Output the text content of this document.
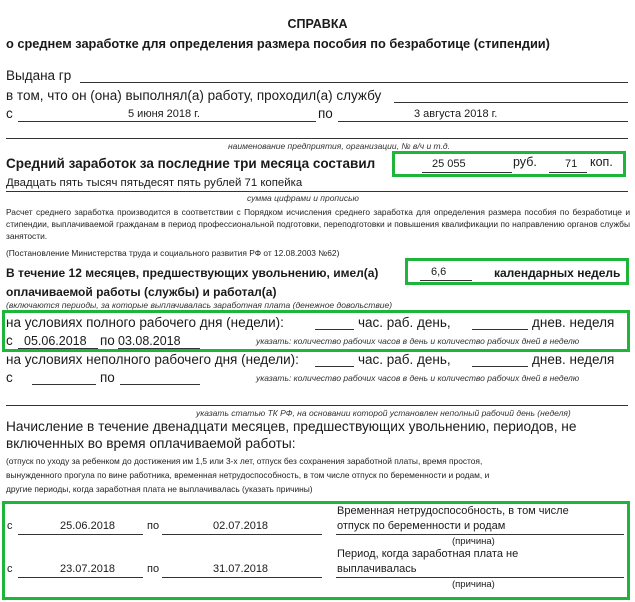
СПРАВКА
о среднем заработке для определения размера пособия по безработице (стипендии)
Выдана гр
в том, что он (она) выполнял(а) работу, проходил(а) службу
с	5 июня 2018 г.	по	3 августа 2018 г.
наименование предприятия, организации, № в/ч и т.д.
Средний заработок за последние три месяца составил	25 055	руб.	71 коп.
Двадцать пять тысяч пятьдесят пять рублей 71 копейка
сумма цифрами и прописью
Расчет среднего заработка производится в соответствии с Порядком исчисления среднего заработка для определения размера пособия по безработице и стипендии, выплачиваемой гражданам в период профессиональной подготовки, переподготовки и повышения квалификации по направлению органов службы занятости.
(Постановление Министерства труда и социального развития РФ от 12.08.2003 №62)
В течение 12 месяцев, предшествующих увольнению, имел(а)	6,6	календарных недель
оплачиваемой работы (службы) и работал(а)
(включаются периоды, за которые выплачивалась заработная плата (денежное довольствие)
на условиях полного рабочего дня (недели):	час. раб. день,	днев. неделя
с 05.06.2018 по 03.08.2018	указать: количество рабочих часов в день и количество рабочих дней в неделю
на условиях неполного рабочего дня (недели):	час. раб. день,	днев. неделя
с	по	указать: количество рабочих часов в день и количество рабочих дней в неделю
указать статью ТК РФ, на основании которой установлен неполный рабочий день (неделя)
Начисление в течение двенадцати месяцев, предшествующих увольнению, периодов, не
включенных во время оплачиваемой работы:
(отпуск по уходу за ребенком до достижения им 1,5 или 3-х лет, отпуск без сохранения заработной платы, время простоя,
вынужденного прогула по вине работника, временная нетрудоспособность, в том числе отпуск по беременности и родам, и
другие периоды, когда заработная плата не выплачивалась (указать причины)
с	25.06.2018	по	02.07.2018
Временная нетрудоспособность, в том числе
отпуск по беременности и родам
(причина)
с	23.07.2018	по	31.07.2018
Период, когда заработная плата не
выплачивалась
(причина)
